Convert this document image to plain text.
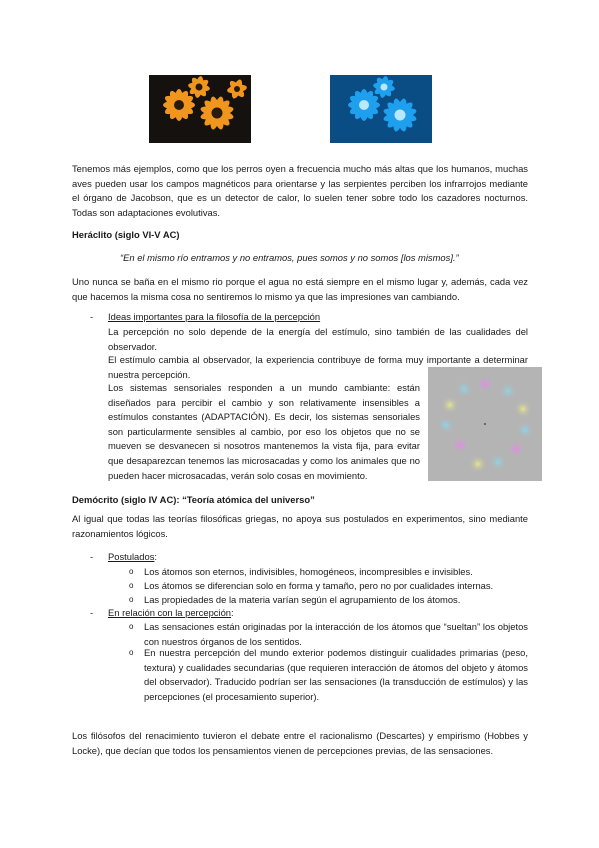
Tenemos más ejemplos, como que los perros oyen a frecuencia mucho más altas que los humanos, muchas aves pueden usar los campos magnéticos para orientarse y las serpientes perciben los infrarrojos mediante el órgano de Jacobson, que es un detector de calor, lo suelen tener sobre todo los cazadores nocturnos. Todas son adaptaciones evolutivas.

Heráclito (siglo VI-V AC)

“En el mismo río entramos y no entramos, pues somos y no somos [los mismos].”

Uno nunca se baña en el mismo rio porque el agua no está siempre en el mismo lugar y, además, cada vez que hacemos la misma cosa no sentiremos lo mismo ya que las impresiones van cambiando.

- Ideas importantes para la filosofía de la percepción

La percepción no solo depende de la energía del estímulo, sino también de las cualidades del observador.

El estímulo cambia al observador, la experiencia contribuye de forma muy importante a determinar nuestra percepción.

Los sistemas sensoriales responden a un mundo cambiante: están diseñados para percibir el cambio y son relativamente insensibles a estímulos constantes (ADAPTACIÓN). Es decir, los sistemas sensoriales son particularmente sensibles al cambio, por eso los objetos que no se mueven se desvanecen si nosotros mantenemos la vista fija, para evitar que desaparezcan tenemos las microsacadas y como los animales que no pueden hacer microsacadas, verán solo cosas en movimiento.

Demócrito (siglo IV AC): “Teoría atómica del universo”

Al igual que todas las teorías filosóficas griegas, no apoya sus postulados en experimentos, sino mediante razonamientos lógicos.

- Postulados:

o Los átomos son eternos, indivisibles, homogéneos, incompresibles e invisibles.

o Los átomos se diferencian solo en forma y tamaño, pero no por cualidades internas.

o Las propiedades de la materia varían según el agrupamiento de los átomos.

- En relación con la percepción:

o Las sensaciones están originadas por la interacción de los átomos que “sueltan” los objetos con nuestros órganos de los sentidos.

o En nuestra percepción del mundo exterior podemos distinguir cualidades primarias (peso, textura) y cualidades secundarias (que requieren interacción de átomos del objeto y átomos del observador). Traducido podrían ser las sensaciones (la transducción de estímulos) y las percepciones (el procesamiento superior).

Los filósofos del renacimiento tuvieron el debate entre el racionalismo (Descartes) y empirismo (Hobbes y Locke), que decían que todos los pensamientos vienen de percepciones previas, de las sensaciones.
